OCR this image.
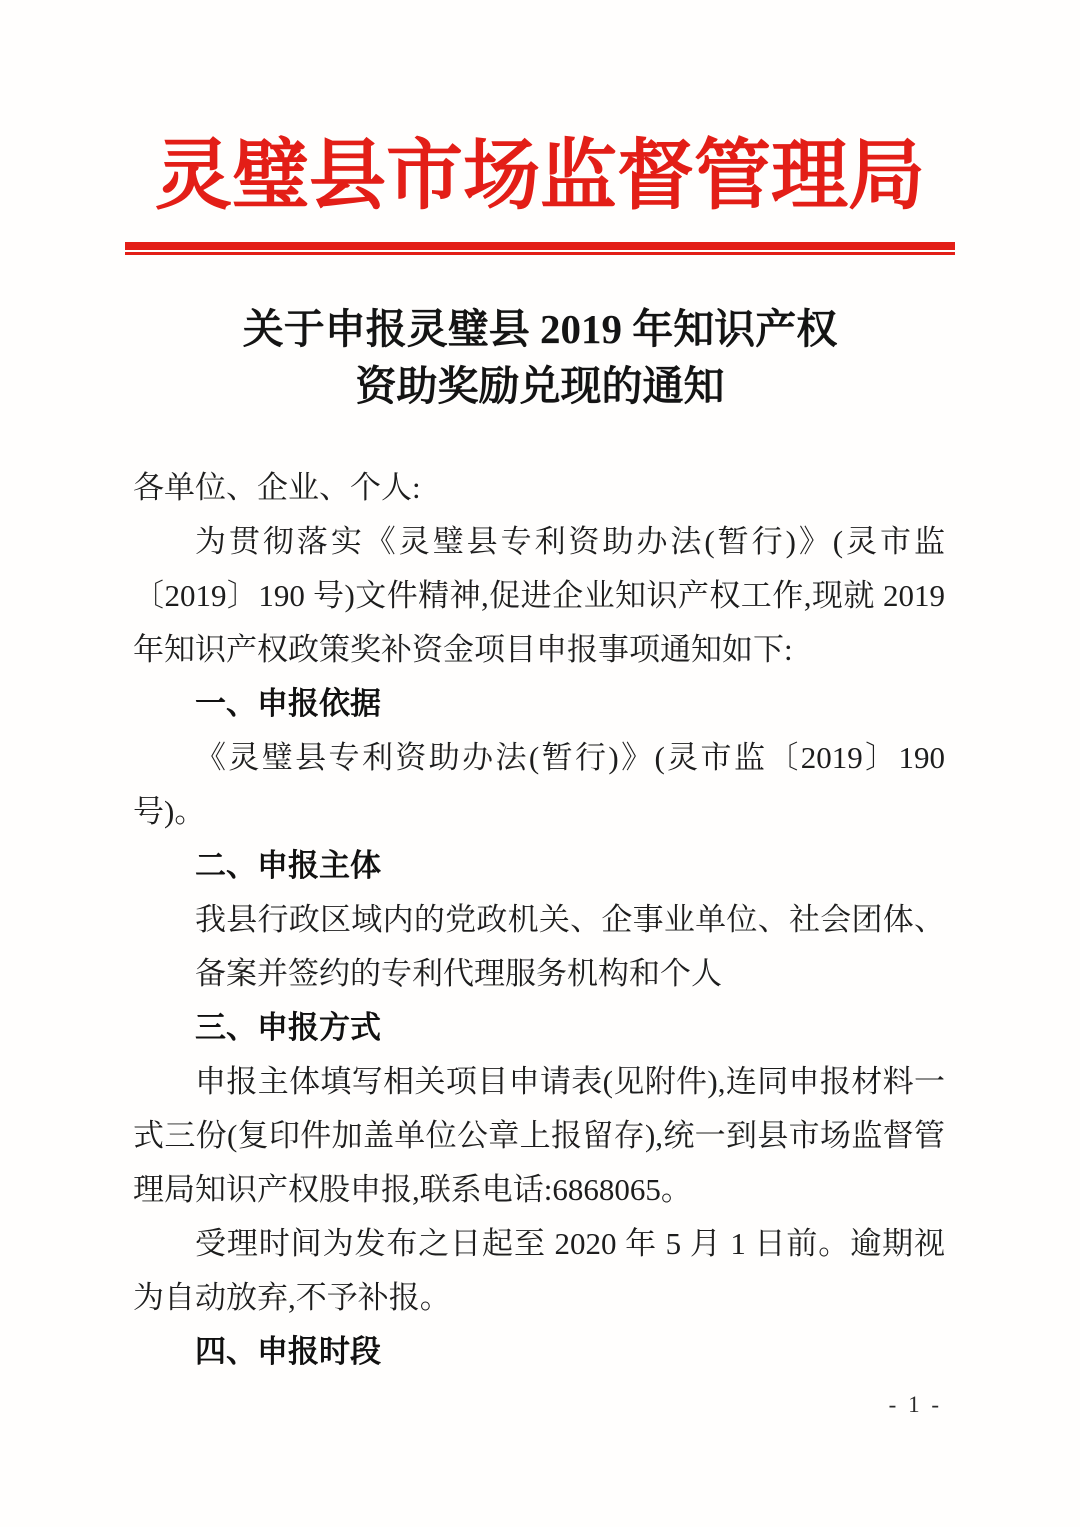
灵璧县市场监督管理局
关于申报灵璧县 2019 年知识产权
资助奖励兑现的通知

各单位、企业、个人:

为贯彻落实《灵璧县专利资助办法(暂行)》(灵市监〔2019〕190 号)文件精神,促进企业知识产权工作,现就 2019 年知识产权政策奖补资金项目申报事项通知如下:

一、申报依据

《灵璧县专利资助办法(暂行)》(灵市监〔2019〕190 号)。

二、申报主体

我县行政区域内的党政机关、企事业单位、社会团体、备案并签约的专利代理服务机构和个人

三、申报方式

申报主体填写相关项目申请表(见附件),连同申报材料一式三份(复印件加盖单位公章上报留存),统一到县市场监督管理局知识产权股申报,联系电话:6868065。

受理时间为发布之日起至 2020 年 5 月 1 日前。逾期视为自动放弃,不予补报。

四、申报时段

- 1 -
